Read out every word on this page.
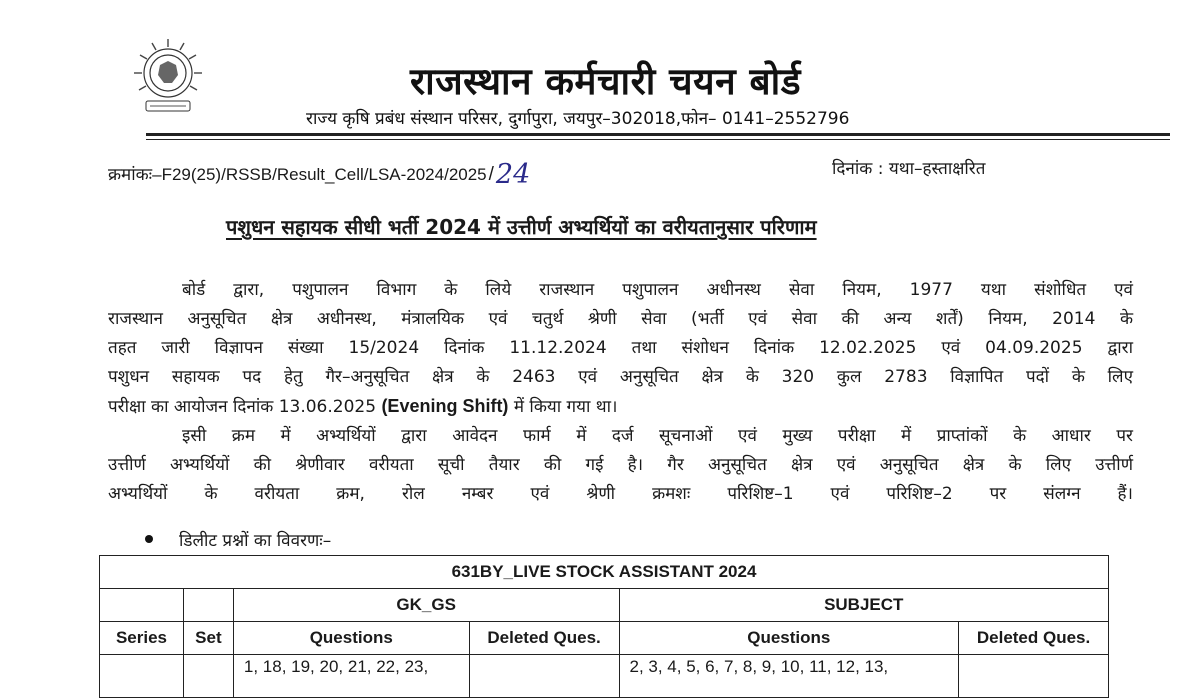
राजस्थान कर्मचारी चयन बोर्ड
राज्य कृषि प्रबंध संस्थान परिसर, दुर्गापुरा, जयपुर–302018,फोन– 0141–2552796
क्रमांकः–F29(25)/RSSB/Result_Cell/LSA-2024/2025 /24	दिनांक : यथा–हस्ताक्षरित
पशुधन सहायक सीधी भर्ती 2024 में उत्तीर्ण अभ्यर्थियों का वरीयतानुसार परिणाम
बोर्ड द्वारा, पशुपालन विभाग के लिये राजस्थान पशुपालन अधीनस्थ सेवा नियम, 1977 यथा संशोधित एवं
राजस्थान अनुसूचित क्षेत्र अधीनस्थ, मंत्रालयिक एवं चतुर्थ श्रेणी सेवा (भर्ती एवं सेवा की अन्य शर्तें) नियम, 2014 के
तहत जारी विज्ञापन संख्या 15/2024 दिनांक 11.12.2024 तथा संशोधन दिनांक 12.02.2025 एवं 04.09.2025 द्वारा
पशुधन सहायक पद हेतु गैर–अनुसूचित क्षेत्र के 2463 एवं अनुसूचित क्षेत्र के 320 कुल 2783 विज्ञापित पदों के लिए
परीक्षा का आयोजन दिनांक 13.06.2025 (Evening Shift) में किया गया था।
इसी क्रम में अभ्यर्थियों द्वारा आवेदन फार्म में दर्ज सूचनाओं एवं मुख्य परीक्षा में प्राप्तांकों के आधार पर
उत्तीर्ण अभ्यर्थियों की श्रेणीवार वरीयता सूची तैयार की गई है। गैर अनुसूचित क्षेत्र एवं अनुसूचित क्षेत्र के लिए उत्तीर्ण
अभ्यर्थियों के वरीयता क्रम, रोल नम्बर एवं श्रेणी क्रमशः परिशिष्ट–1 एवं परिशिष्ट–2 पर संलग्न हैं।
डिलीट प्रश्नों का विवरणः–
631BY_LIVE STOCK ASSISTANT 2024					
		GK_GS		SUBJECT	
Series	Set	Questions	Deleted Ques.	Questions	Deleted Ques.
		1, 18, 19, 20, 21, 22, 23,		2, 3, 4, 5, 6, 7, 8, 9, 10, 11, 12, 13,	
